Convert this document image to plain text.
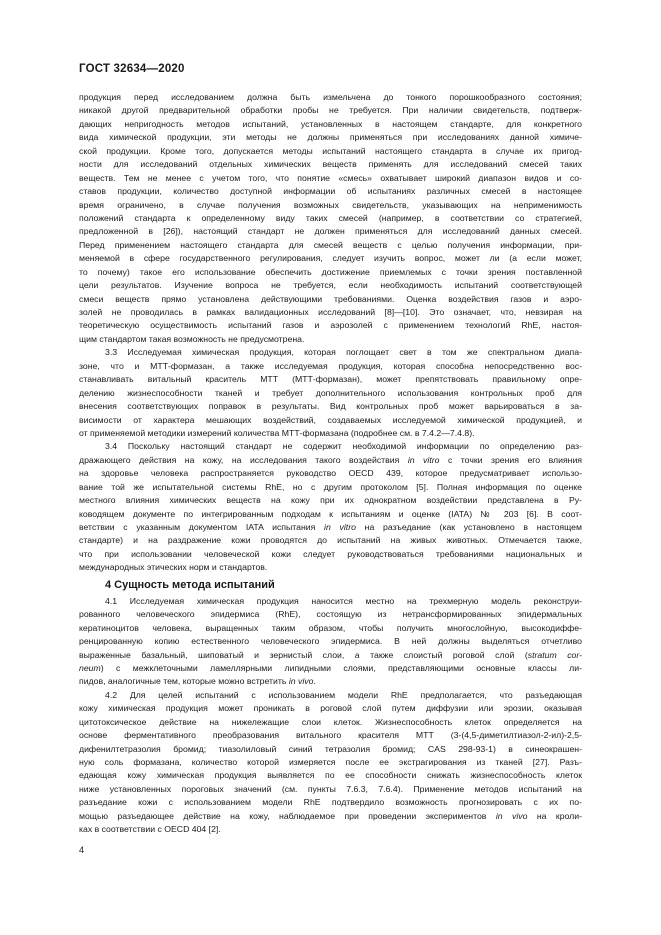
ГОСТ 32634—2020
продукция перед исследованием должна быть измельчена до тонкого порошкообразного состояния;
никакой другой предварительной обработки пробы не требуется. При наличии свидетельств, подтверж-
дающих непригодность методов испытаний, установленных в настоящем стандарте, для конкретного
вида химической продукции, эти методы не должны применяться при исследованиях данной химиче-
ской продукции. Кроме того, допускается методы испытаний настоящего стандарта в случае их пригод-
ности для исследований отдельных химических веществ применять для исследований смесей таких
веществ. Тем не менее с учетом того, что понятие «смесь» охватывает широкий диапазон видов и со-
ставов продукции, количество доступной информации об испытаниях различных смесей в настоящее
время ограничено, в случае получения возможных свидетельств, указывающих на неприменимость
положений стандарта к определенному виду таких смесей (например, в соответствии со стратегией,
предложенной в [26]), настоящий стандарт не должен применяться для исследований данных смесей.
Перед применением настоящего стандарта для смесей веществ с целью получения информации, при-
меняемой в сфере государственного регулирования, следует изучить вопрос, может ли (а если может,
то почему) такое его использование обеспечить достижение приемлемых с точки зрения поставленной
цели результатов. Изучение вопроса не требуется, если необходимость испытаний соответствующей
смеси веществ прямо установлена действующими требованиями. Оценка воздействия газов и аэро-
золей не проводилась в рамках валидационных исследований [8]—[10]. Это означает, что, невзирая на
теоретическую осуществимость испытаний газов и аэрозолей с применением технологий RhE, настоя-
щим стандартом такая возможность не предусмотрена.
3.3 Исследуемая химическая продукция, которая поглощает свет в том же спектральном диапа-
зоне, что и МТТ-формазан, а также исследуемая продукция, которая способна непосредственно вос-
станавливать витальный краситель МТТ (МТТ-формазан), может препятствовать правильному опре-
делению жизнеспособности тканей и требует дополнительного использования контрольных проб для
внесения соответствующих поправок в результаты. Вид контрольных проб может варьироваться в за-
висимости от характера мешающих воздействий, создаваемых исследуемой химической продукцией, и
от применяемой методики измерений количества МТТ-формазана (подробнее см. в 7.4.2—7.4.8).
3.4 Поскольку настоящий стандарт не содержит необходимой информации по определению раз-
дражающего действия на кожу, на исследования такого воздействия in vitro с точки зрения его влияния
на здоровье человека распространяется руководство OECD 439, которое предусматривает использо-
вание той же испытательной системы RhE, но с другим протоколом [5]. Полная информация по оценке
местного влияния химических веществ на кожу при их однократном воздействии представлена в Ру-
ководящем документе по интегрированным подходам к испытаниям и оценке (IATA) № 203 [6]. В соот-
ветствии с указанным документом IATA испытания in vitro на разъедание (как установлено в настоящем
стандарте) и на раздражение кожи проводятся до испытаний на живых животных. Отмечается также,
что при использовании человеческой кожи следует руководствоваться требованиями национальных и
международных этических норм и стандартов.
4 Сущность метода испытаний
4.1 Исследуемая химическая продукция наносится местно на трехмерную модель реконструи-
рованного человеческого эпидермиса (RhE), состоящую из нетрансформированных эпидермальных
кератиноцитов человека, выращенных таким образом, чтобы получить многослойную, высокодиффе-
ренцированную копию естественного человеческого эпидермиса. В ней должны выделяться отчетливо
выраженные базальный, шиповатый и зернистый слои, а также слоистый роговой слой (stratum cor-
neum) с межклеточными ламеллярными липидными слоями, представляющими основные классы ли-
пидов, аналогичные тем, которые можно встретить in vivo.
4.2 Для целей испытаний с использованием модели RhE предполагается, что разъедающая
кожу химическая продукция может проникать в роговой слой путем диффузии или эрозии, оказывая
цитотоксическое действие на нижележащие слои клеток. Жизнеспособность клеток определяется на
основе ферментативного преобразования витального красителя МТТ (3-(4,5-диметилтиазол-2-ил)-2,5-
дифенилтетразолия бромид; тиазолиловый синий тетразолия бромид; CAS 298-93-1) в синеокрашен-
ную соль формазана, количество которой измеряется после ее экстрагирования из тканей [27]. Разъ-
едающая кожу химическая продукция выявляется по ее способности снижать жизнеспособность клеток
ниже установленных пороговых значений (см. пункты 7.6.3, 7.6.4). Применение методов испытаний на
разъедание кожи с использованием модели RhE подтвердило возможность прогнозировать с их по-
мощью разъедающее действие на кожу, наблюдаемое при проведении экспериментов in vivo на кроли-
ках в соответствии с OECD 404 [2].
4
